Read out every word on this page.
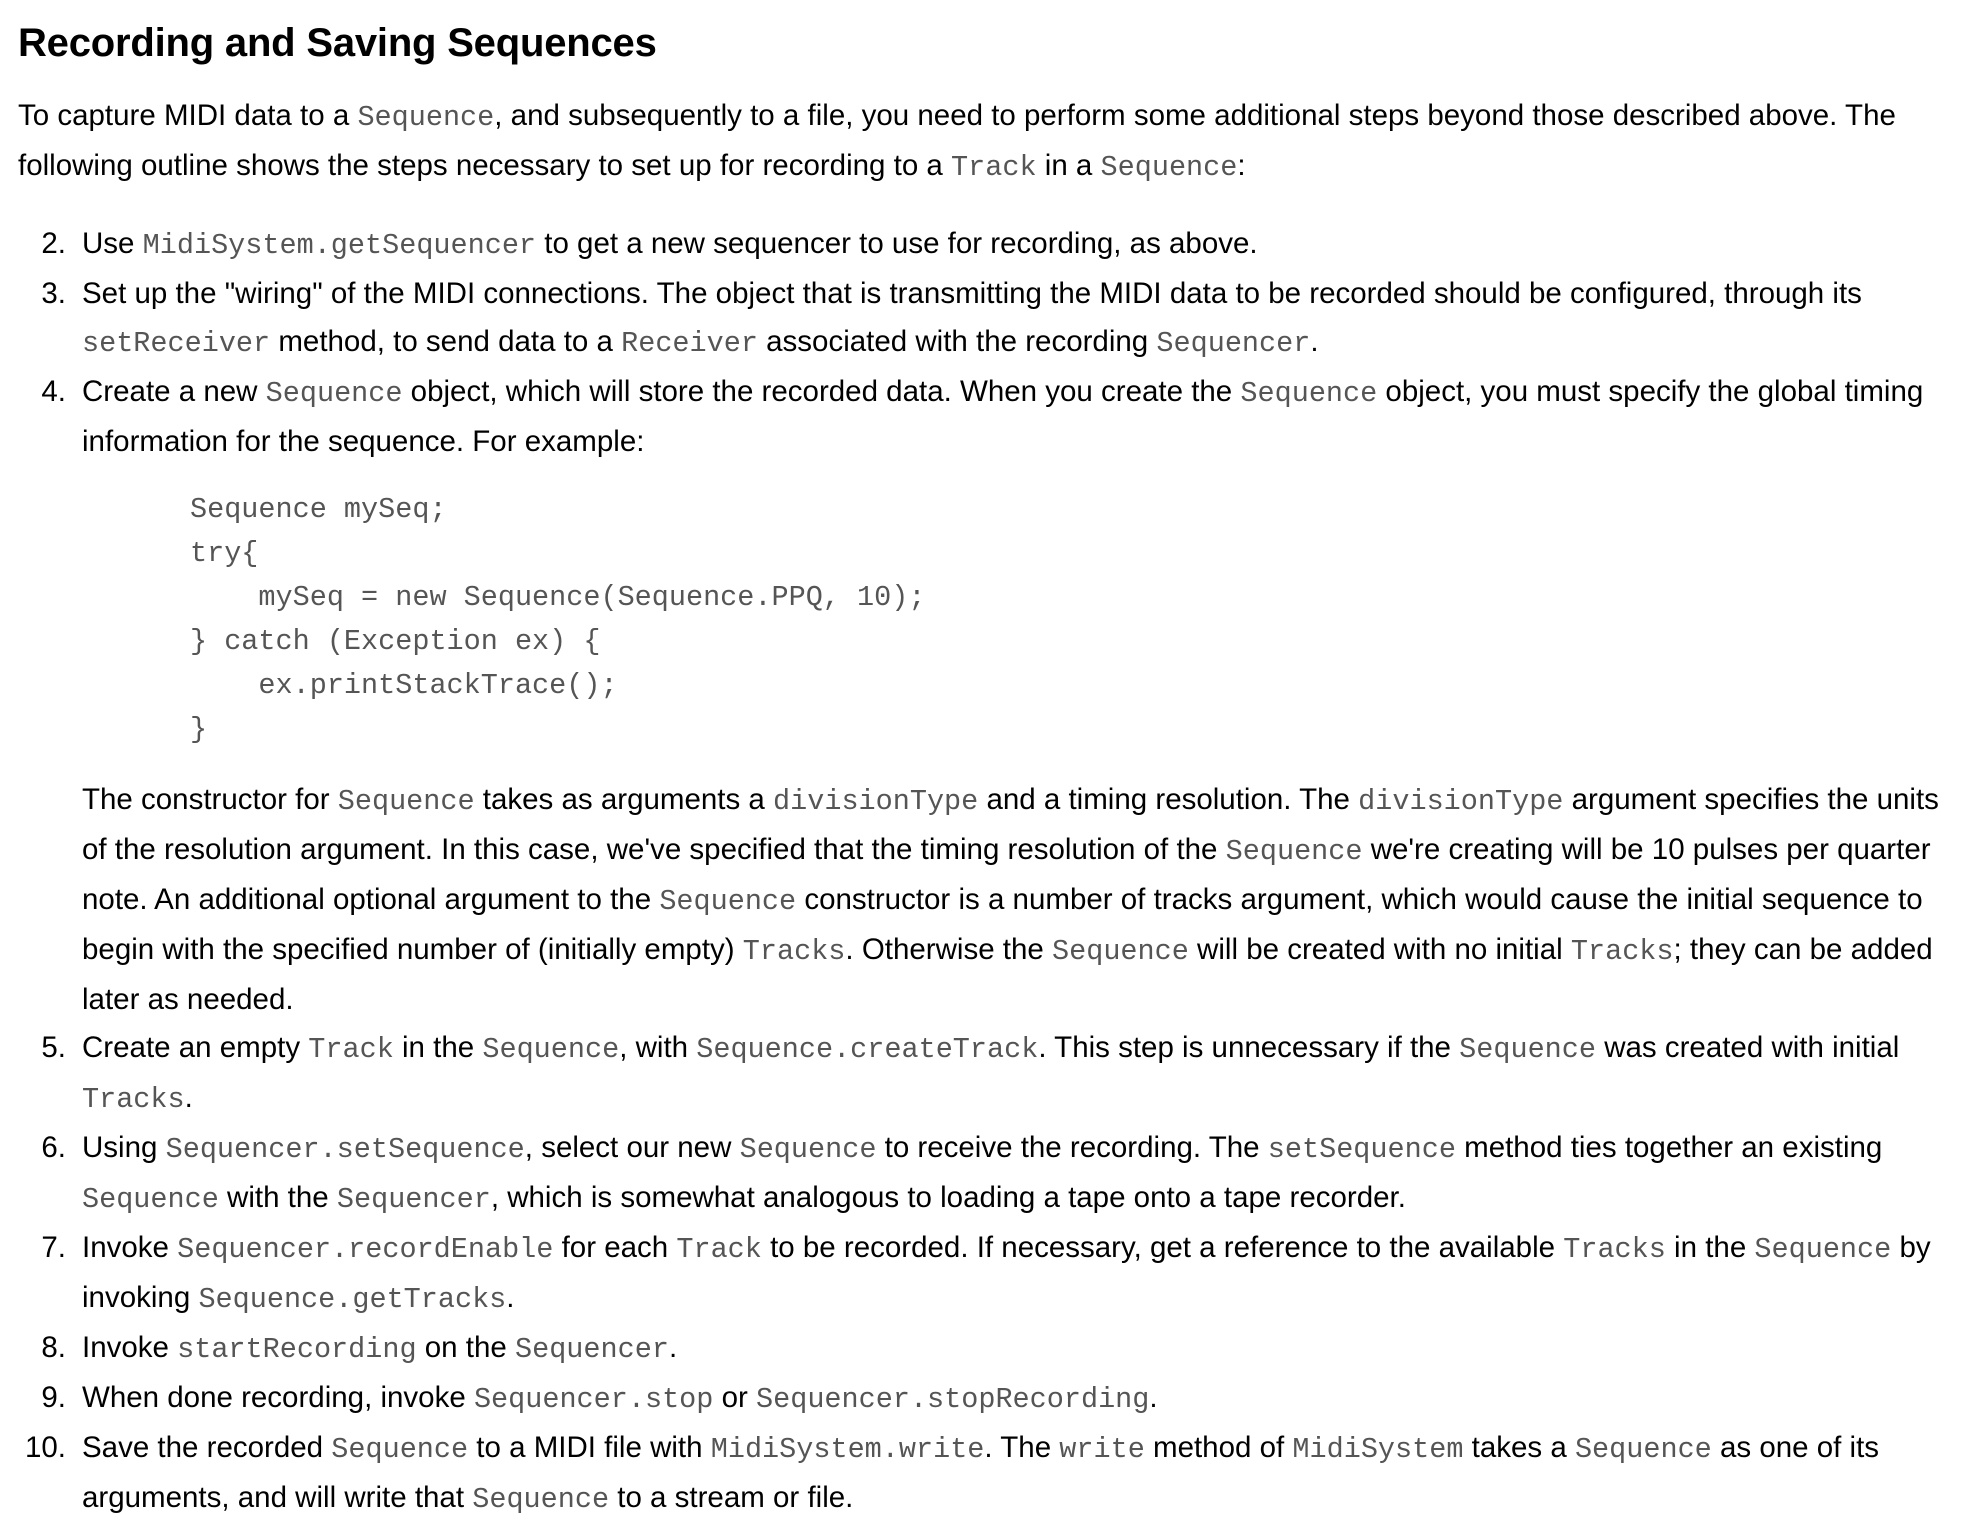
Recording and Saving Sequences

To capture MIDI data to a Sequence, and subsequently to a file, you need to perform some additional steps beyond those described above. The following outline shows the steps necessary to set up for recording to a Track in a Sequence:

2. Use MidiSystem.getSequencer to get a new sequencer to use for recording, as above.
3. Set up the "wiring" of the MIDI connections. The object that is transmitting the MIDI data to be recorded should be configured, through its setReceiver method, to send data to a Receiver associated with the recording Sequencer.
4. Create a new Sequence object, which will store the recorded data. When you create the Sequence object, you must specify the global timing information for the sequence. For example:
Sequence mySeq;
try{
mySeq = new Sequence(Sequence.PPQ, 10);
} catch (Exception ex) {
ex.printStackTrace();
}
The constructor for Sequence takes as arguments a divisionType and a timing resolution. The divisionType argument specifies the units of the resolution argument. In this case, we've specified that the timing resolution of the Sequence we're creating will be 10 pulses per quarter note. An additional optional argument to the Sequence constructor is a number of tracks argument, which would cause the initial sequence to begin with the specified number of (initially empty) Tracks. Otherwise the Sequence will be created with no initial Tracks; they can be added later as needed.
5. Create an empty Track in the Sequence, with Sequence.createTrack. This step is unnecessary if the Sequence was created with initial Tracks.
6. Using Sequencer.setSequence, select our new Sequence to receive the recording. The setSequence method ties together an existing Sequence with the Sequencer, which is somewhat analogous to loading a tape onto a tape recorder.
7. Invoke Sequencer.recordEnable for each Track to be recorded. If necessary, get a reference to the available Tracks in the Sequence by invoking Sequence.getTracks.
8. Invoke startRecording on the Sequencer.
9. When done recording, invoke Sequencer.stop or Sequencer.stopRecording.
10. Save the recorded Sequence to a MIDI file with MidiSystem.write. The write method of MidiSystem takes a Sequence as one of its arguments, and will write that Sequence to a stream or file.
